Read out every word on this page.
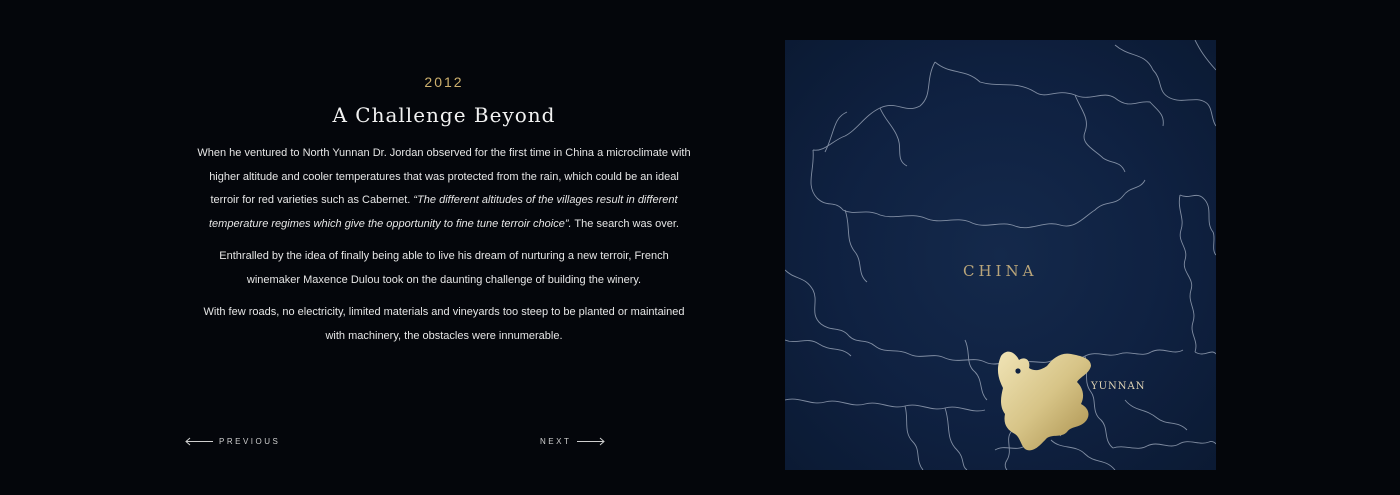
2012

A Challenge Beyond

When he ventured to North Yunnan Dr. Jordan observed for the first time in China a microclimate with higher altitude and cooler temperatures that was protected from the rain, which could be an ideal terroir for red varieties such as Cabernet. “The different altitudes of the villages result in different temperature regimes which give the opportunity to fine tune terroir choice”. The search was over.

Enthralled by the idea of finally being able to live his dream of nurturing a new terroir, French winemaker Maxence Dulou took on the daunting challenge of building the winery.

With few roads, no electricity, limited materials and vineyards too steep to be planted or maintained with machinery, the obstacles were innumerable.

PREVIOUS	NEXT
CHINA
YUNNAN
